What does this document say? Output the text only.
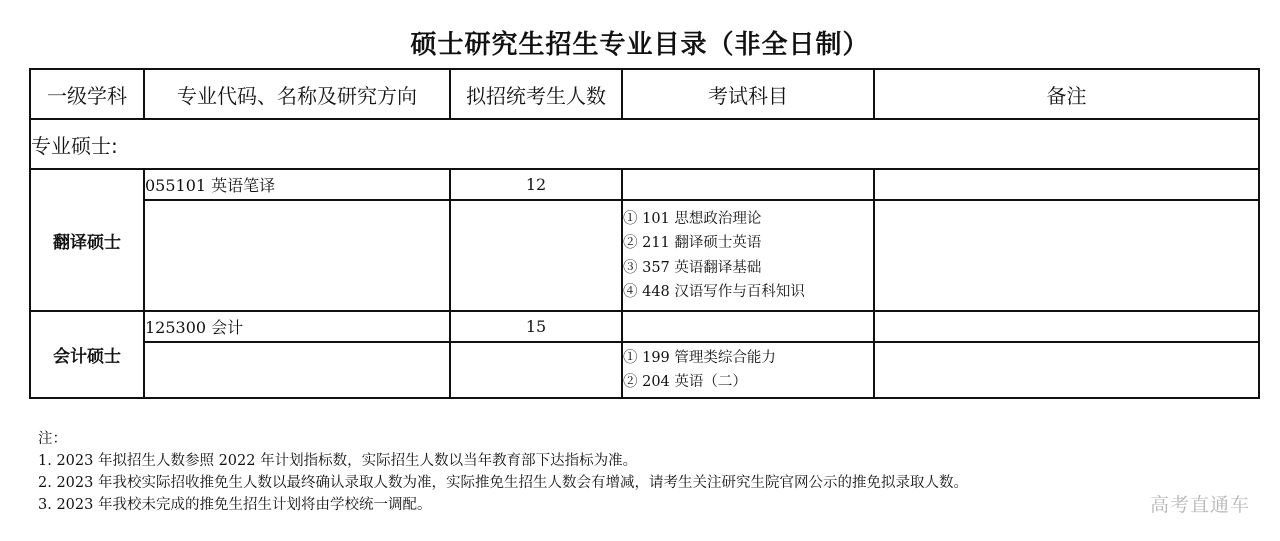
硕士研究生招生专业目录（非全日制）
一级学科	专业代码、名称及研究方向	拟招统考生人数	考试科目	备注
专业硕士:				
翻译硕士	055101 英语笔译	12		

			① 101 思想政治理论
② 211 翻译硕士英语
③ 357 英语翻译基础
④ 448 汉语写作与百科知识	

会计硕士	125300 会计	15		

			① 199 管理类综合能力
② 204 英语（二）	

注：
1. 2023 年拟招生人数参照 2022 年计划指标数，实际招生人数以当年教育部下达指标为准。
2. 2023 年我校实际招收推免生人数以最终确认录取人数为准，实际推免生招生人数会有增减，请考生关注研究生院官网公示的推免拟录取人数。
3. 2023 年我校未完成的推免生招生计划将由学校统一调配。	高考直通车
